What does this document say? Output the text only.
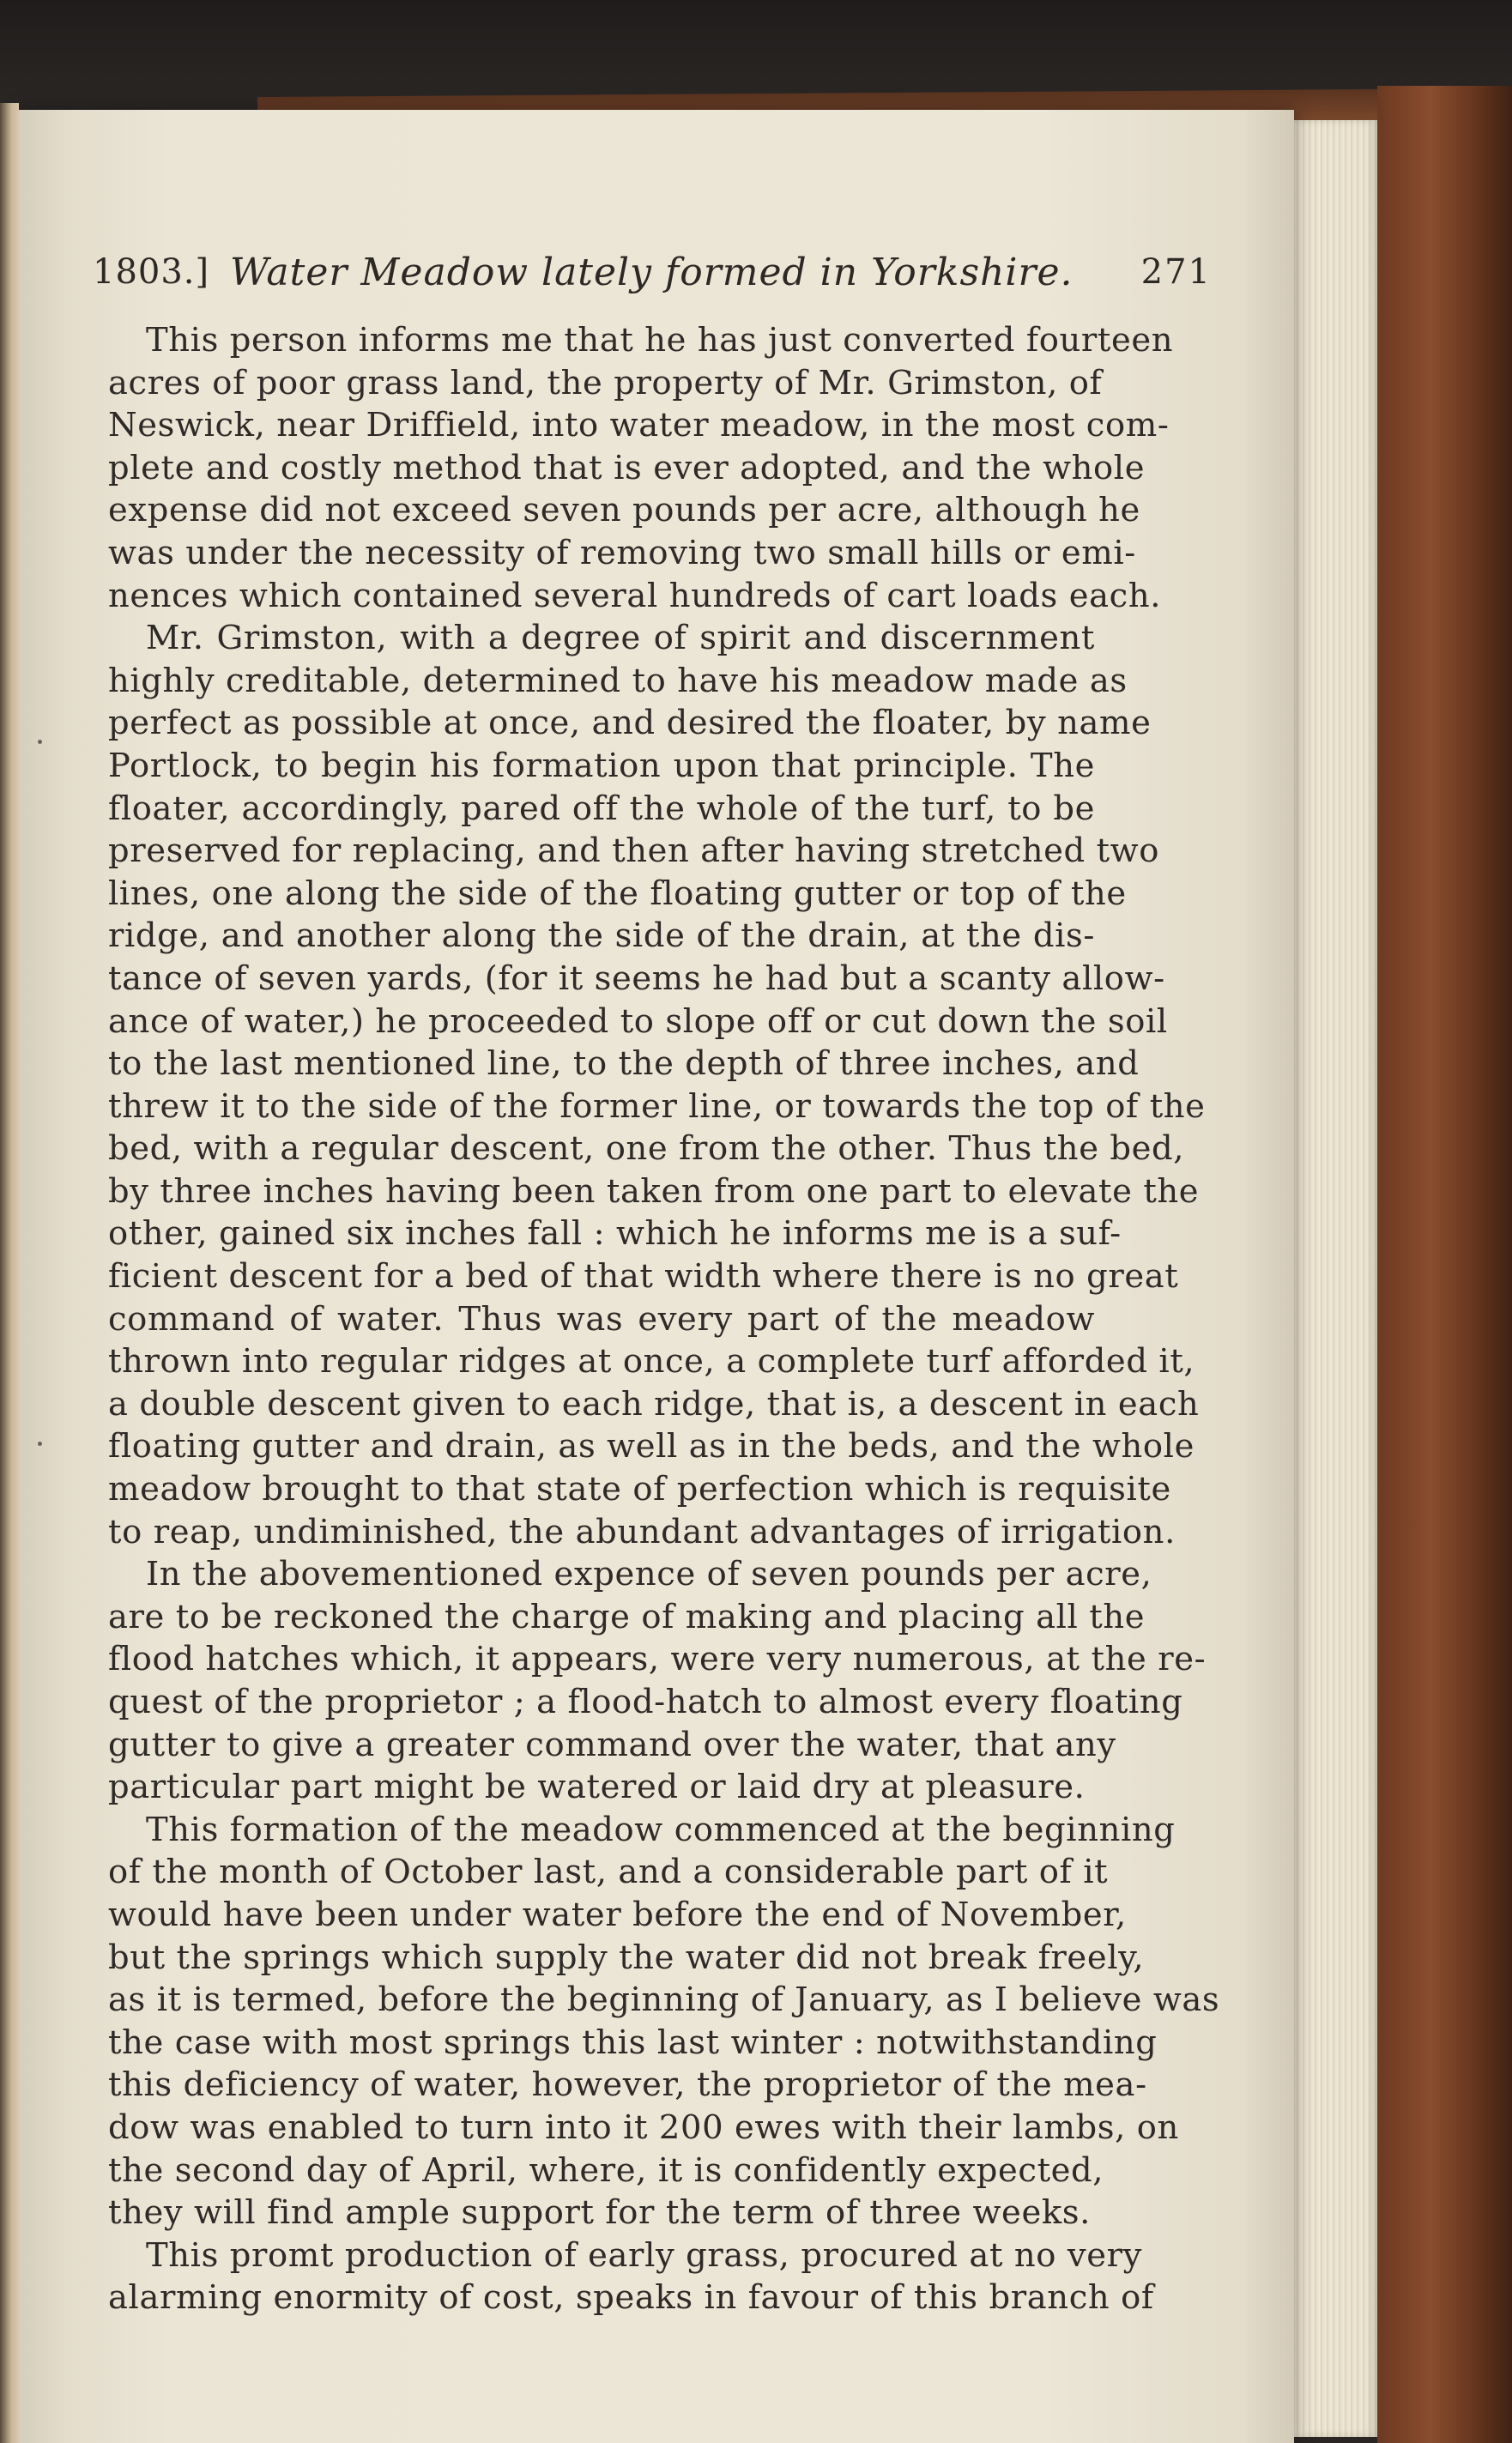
1803.] Water Meadow lately formed in Yorkshire. 271
This person informs me that he has just converted fourteen
acres of poor grass land, the property of Mr. Grimston, of
Neswick, near Driffield, into water meadow, in the most com-
plete and costly method that is ever adopted, and the whole
expense did not exceed seven pounds per acre, although he
was under the necessity of removing two small hills or emi-
nences which contained several hundreds of cart loads each.
Mr. Grimston, with a degree of spirit and discernment
highly creditable, determined to have his meadow made as
perfect as possible at once, and desired the floater, by name
Portlock, to begin his formation upon that principle. The
floater, accordingly, pared off the whole of the turf, to be
preserved for replacing, and then after having stretched two
lines, one along the side of the floating gutter or top of the
ridge, and another along the side of the drain, at the dis-
tance of seven yards, (for it seems he had but a scanty allow-
ance of water,) he proceeded to slope off or cut down the soil
to the last mentioned line, to the depth of three inches, and
threw it to the side of the former line, or towards the top of the
bed, with a regular descent, one from the other. Thus the bed,
by three inches having been taken from one part to elevate the
other, gained six inches fall : which he informs me is a suf-
ficient descent for a bed of that width where there is no great
command of water. Thus was every part of the meadow
thrown into regular ridges at once, a complete turf afforded it,
a double descent given to each ridge, that is, a descent in each
floating gutter and drain, as well as in the beds, and the whole
meadow brought to that state of perfection which is requisite
to reap, undiminished, the abundant advantages of irrigation.
In the abovementioned expence of seven pounds per acre,
are to be reckoned the charge of making and placing all the
flood hatches which, it appears, were very numerous, at the re-
quest of the proprietor ; a flood-hatch to almost every floating
gutter to give a greater command over the water, that any
particular part might be watered or laid dry at pleasure.
This formation of the meadow commenced at the beginning
of the month of October last, and a considerable part of it
would have been under water before the end of November,
but the springs which supply the water did not break freely,
as it is termed, before the beginning of January, as I believe was
the case with most springs this last winter : notwithstanding
this deficiency of water, however, the proprietor of the mea-
dow was enabled to turn into it 200 ewes with their lambs, on
the second day of April, where, it is confidently expected,
they will find ample support for the term of three weeks.
This promt production of early grass, procured at no very
alarming enormity of cost, speaks in favour of this branch of
